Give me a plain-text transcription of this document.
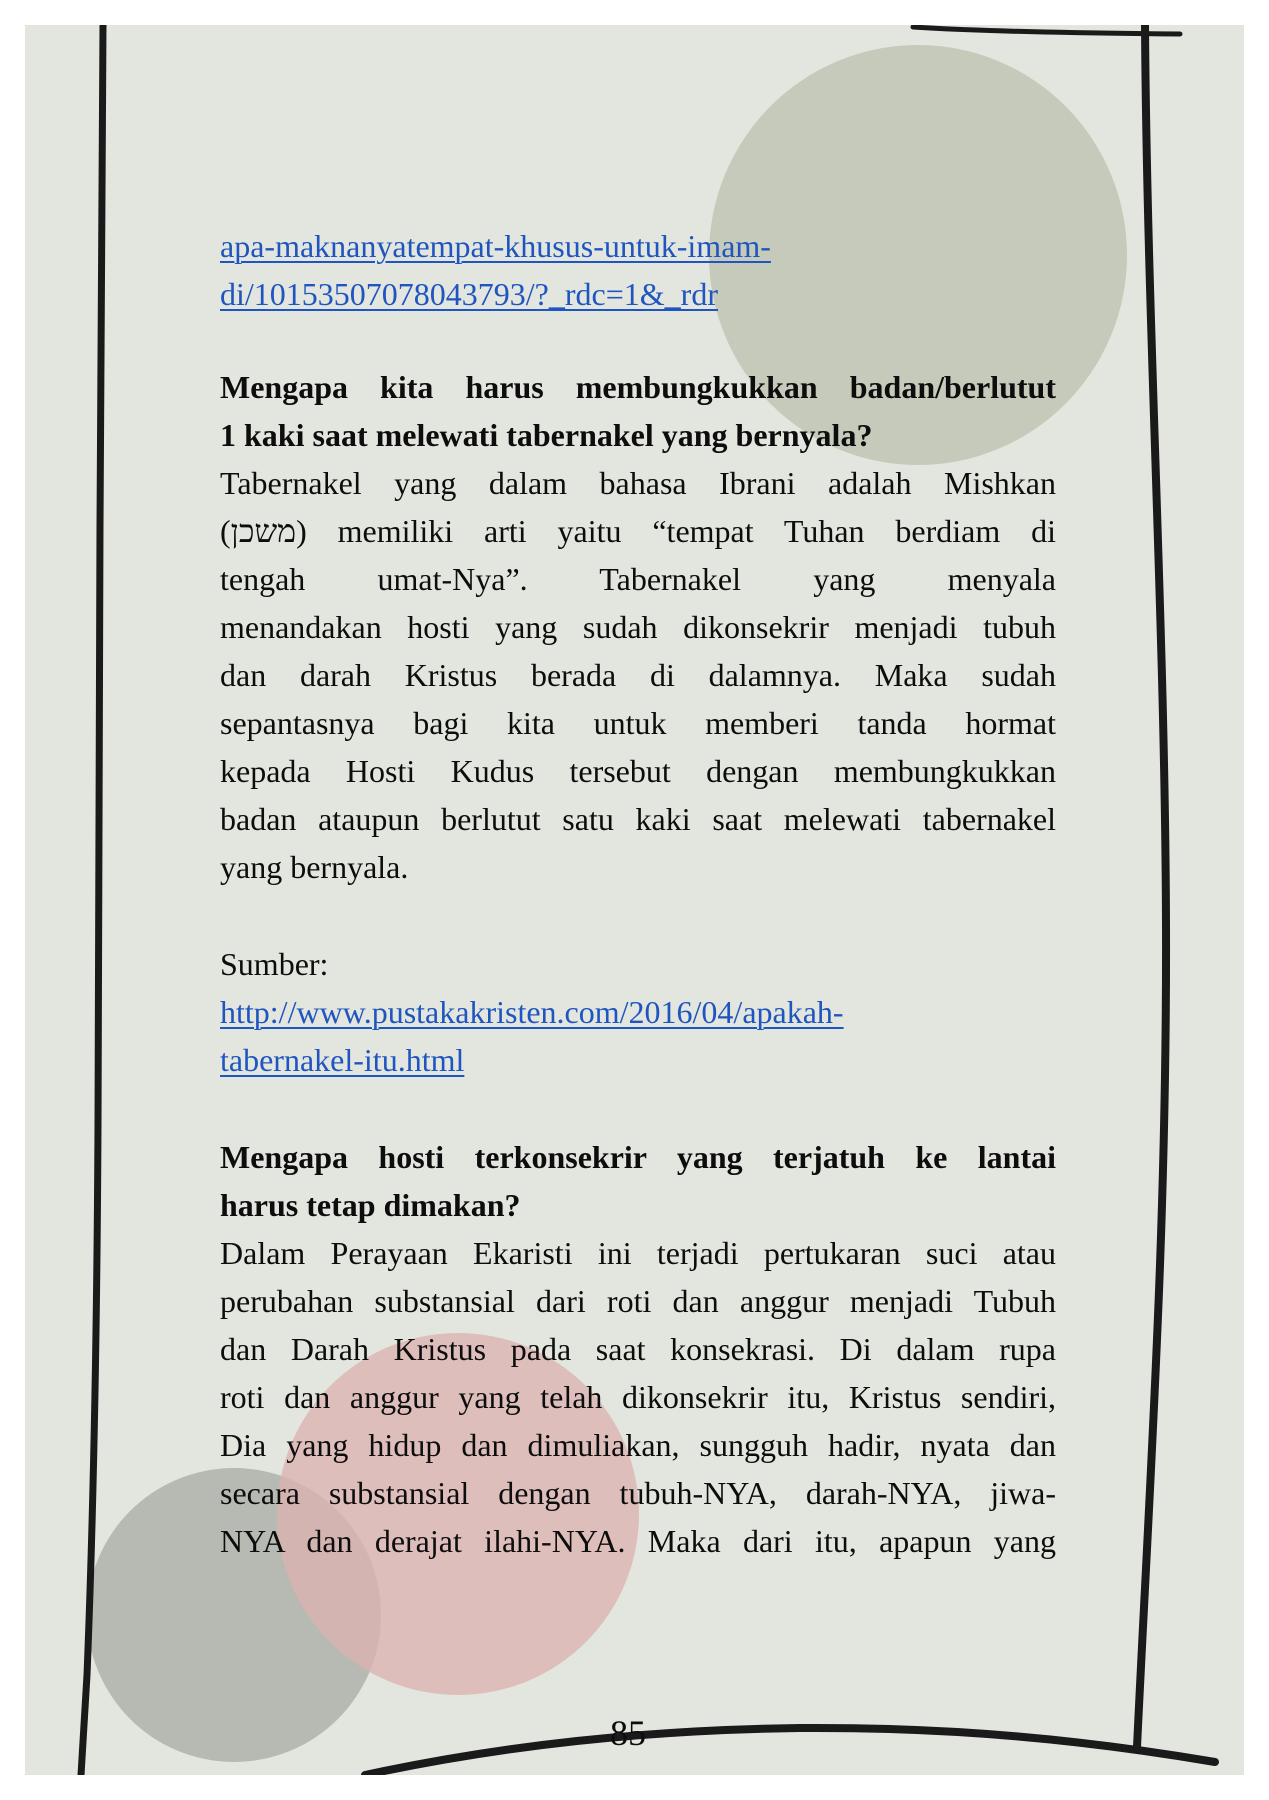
apa-maknanyatempat-khusus-untuk-imam-
di/10153507078043793/?_rdc=1&_rdr
Mengapa kita harus membungkukkan badan/berlutut
1 kaki saat melewati tabernakel yang bernyala?
Tabernakel yang dalam bahasa Ibrani adalah Mishkan
(משכן) memiliki arti yaitu “tempat Tuhan berdiam di
tengah umat-Nya”. Tabernakel yang menyala
menandakan hosti yang sudah dikonsekrir menjadi tubuh
dan darah Kristus berada di dalamnya. Maka sudah
sepantasnya bagi kita untuk memberi tanda hormat
kepada Hosti Kudus tersebut dengan membungkukkan
badan ataupun berlutut satu kaki saat melewati tabernakel
yang bernyala.
Sumber:
http://www.pustakakristen.com/2016/04/apakah-
tabernakel-itu.html
Mengapa hosti terkonsekrir yang terjatuh ke lantai
harus tetap dimakan?
Dalam Perayaan Ekaristi ini terjadi pertukaran suci atau
perubahan substansial dari roti dan anggur menjadi Tubuh
dan Darah Kristus pada saat konsekrasi. Di dalam rupa
roti dan anggur yang telah dikonsekrir itu, Kristus sendiri,
Dia yang hidup dan dimuliakan, sungguh hadir, nyata dan
secara substansial dengan tubuh-NYA, darah-NYA, jiwa-
NYA dan derajat ilahi-NYA. Maka dari itu, apapun yang
85
